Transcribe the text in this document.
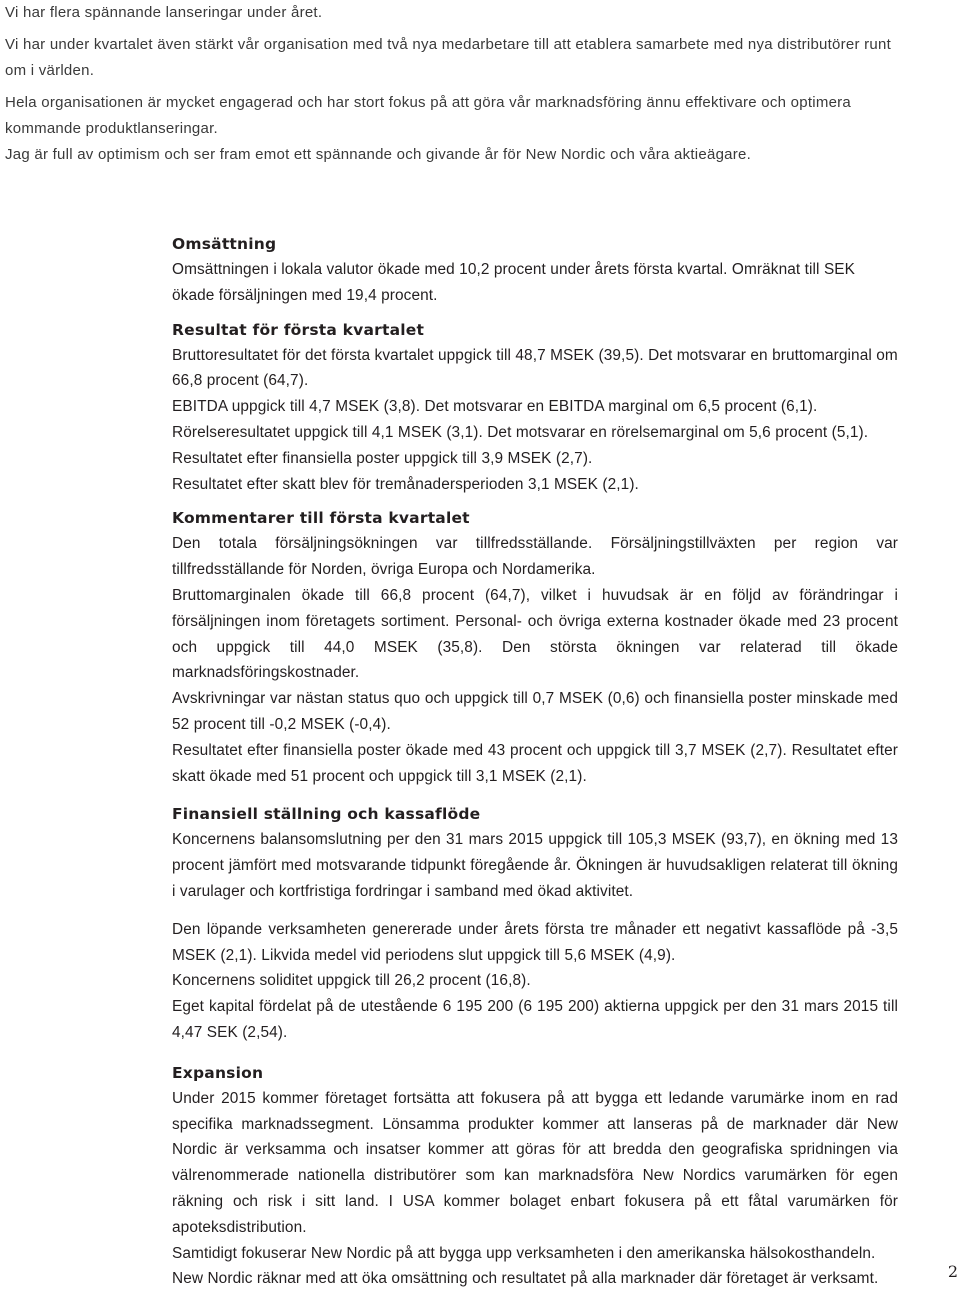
Vi har flera spännande lanseringar under året.

Vi har under kvartalet även stärkt vår organisation med två nya medarbetare till att etablera samarbete med nya distributörer runt om i världen.

Hela organisationen är mycket engagerad och har stort fokus på att göra vår marknadsföring ännu effektivare och optimera kommande produktlanseringar.

Jag är full av optimism och ser fram emot ett spännande och givande år för New Nordic och våra aktieägare.

Omsättning

Omsättningen i lokala valutor ökade med 10,2 procent under årets första kvartal. Omräknat till SEK ökade försäljningen med 19,4 procent.

Resultat för första kvartalet

Bruttoresultatet för det första kvartalet uppgick till 48,7 MSEK (39,5). Det motsvarar en bruttomarginal om 66,8 procent (64,7).

EBITDA uppgick till 4,7 MSEK (3,8). Det motsvarar en EBITDA marginal om 6,5 procent (6,1).

Rörelseresultatet uppgick till 4,1 MSEK (3,1). Det motsvarar en rörelsemarginal om 5,6 procent (5,1).

Resultatet efter finansiella poster uppgick till 3,9 MSEK (2,7).

Resultatet efter skatt blev för tremånadersperioden 3,1 MSEK (2,1).

Kommentarer till första kvartalet

Den totala försäljningsökningen var tillfredsställande. Försäljningstillväxten per region var tillfredsställande för Norden, övriga Europa och Nordamerika.

Bruttomarginalen ökade till 66,8 procent (64,7), vilket i huvudsak är en följd av förändringar i försäljningen inom företagets sortiment. Personal- och övriga externa kostnader ökade med 23 procent och uppgick till 44,0 MSEK (35,8). Den största ökningen var relaterad till ökade marknadsföringskostnader.

Avskrivningar var nästan status quo och uppgick till 0,7 MSEK (0,6) och finansiella poster minskade med 52 procent till -0,2 MSEK (-0,4).

Resultatet efter finansiella poster ökade med 43 procent och uppgick till 3,7 MSEK (2,7). Resultatet efter skatt ökade med 51 procent och uppgick till 3,1 MSEK (2,1).

Finansiell ställning och kassaflöde

Koncernens balansomslutning per den 31 mars 2015 uppgick till 105,3 MSEK (93,7), en ökning med 13 procent jämfört med motsvarande tidpunkt föregående år. Ökningen är huvudsakligen relaterat till ökning i varulager och kortfristiga fordringar i samband med ökad aktivitet.

Den löpande verksamheten genererade under årets första tre månader ett negativt kassaflöde på -3,5 MSEK (2,1). Likvida medel vid periodens slut uppgick till 5,6 MSEK (4,9).

Koncernens soliditet uppgick till 26,2 procent (16,8).

Eget kapital fördelat på de utestående 6 195 200 (6 195 200) aktierna uppgick per den 31 mars 2015 till 4,47 SEK (2,54).

Expansion

Under 2015 kommer företaget fortsätta att fokusera på att bygga ett ledande varumärke inom en rad specifika marknadssegment. Lönsamma produkter kommer att lanseras på de marknader där New Nordic är verksamma och insatser kommer att göras för att bredda den geografiska spridningen via välrenommerade nationella distributörer som kan marknadsföra New Nordics varumärken för egen räkning och risk i sitt land. I USA kommer bolaget enbart fokusera på ett fåtal varumärken för apoteksdistribution.

Samtidigt fokuserar New Nordic på att bygga upp verksamheten i den amerikanska hälsokosthandeln.

New Nordic räknar med att öka omsättning och resultatet på alla marknader där företaget är verksamt.	2
